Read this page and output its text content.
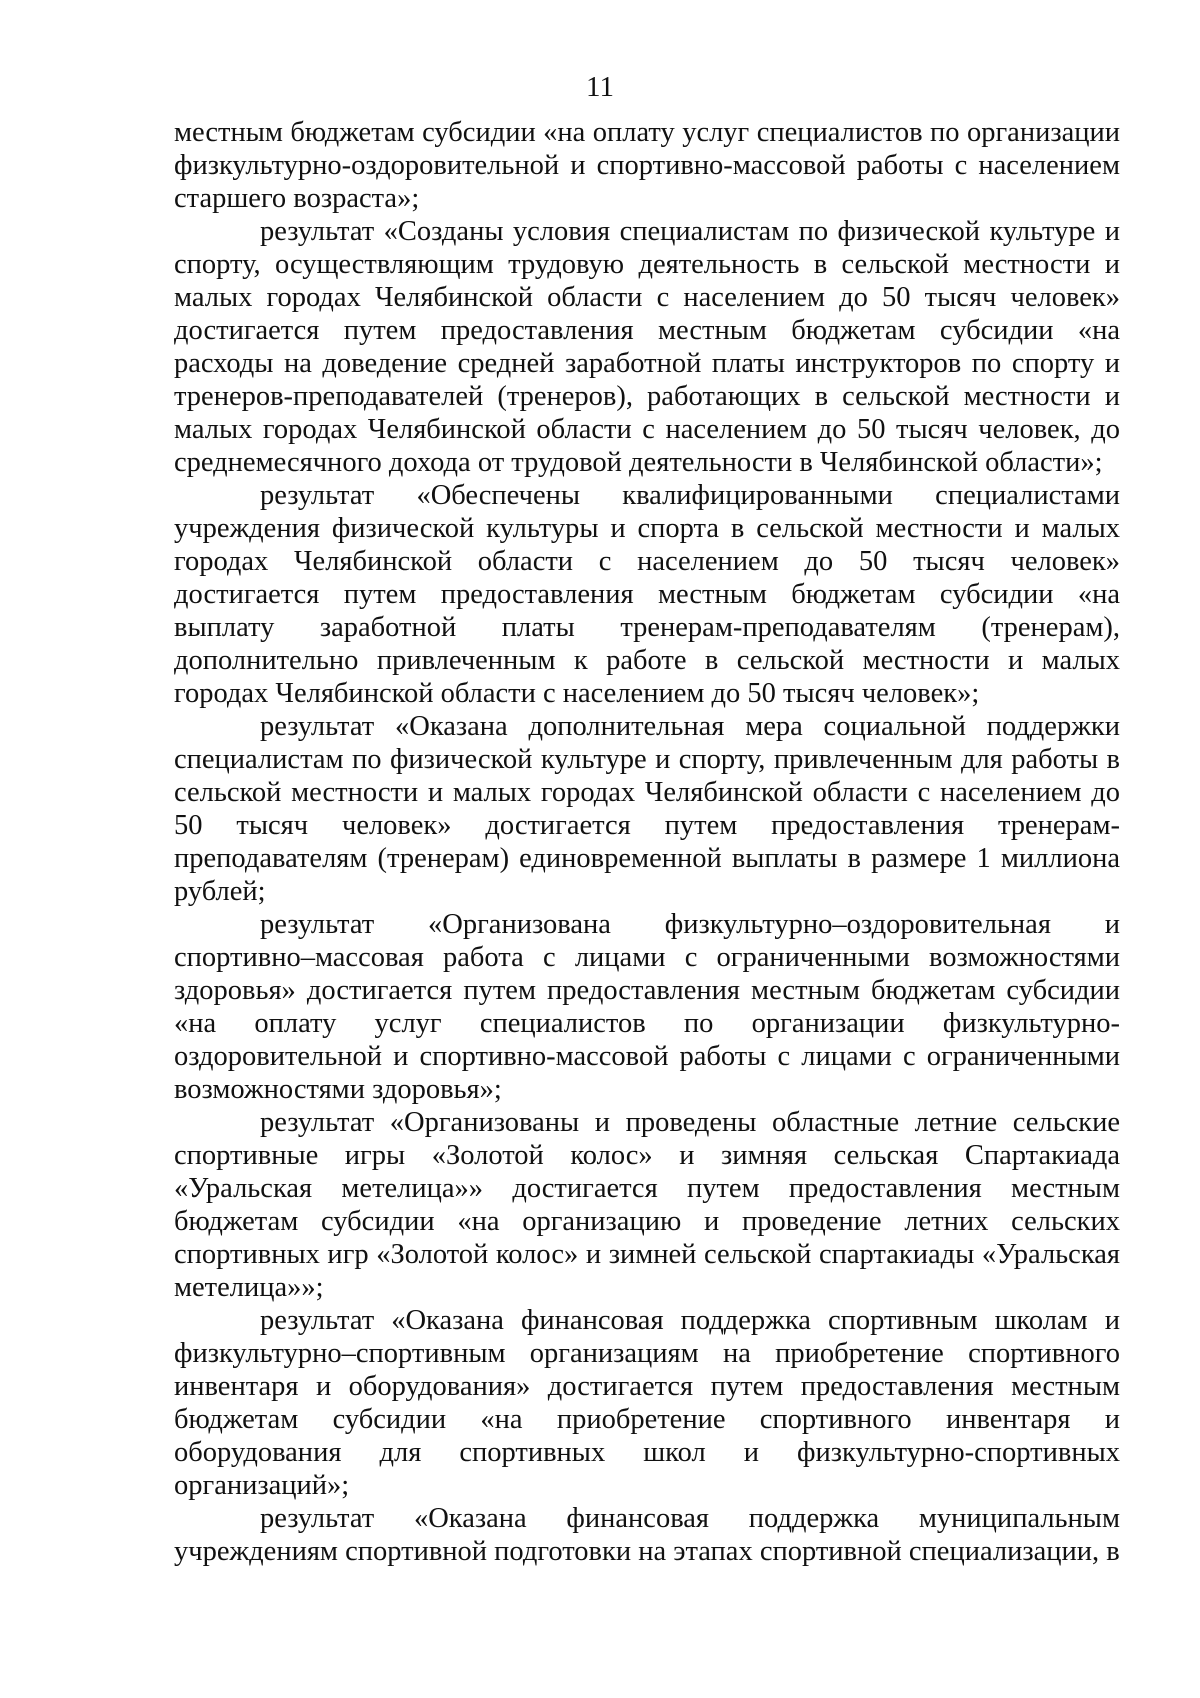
11

местным бюджетам субсидии «на оплату услуг специалистов по организации физкультурно-оздоровительной и спортивно-массовой работы с населением старшего возраста»;

результат «Созданы условия специалистам по физической культуре и спорту, осуществляющим трудовую деятельность в сельской местности и малых городах Челябинской области с населением до 50 тысяч человек» достигается путем предоставления местным бюджетам субсидии «на расходы на доведение средней заработной платы инструкторов по спорту и тренеров-преподавателей (тренеров), работающих в сельской местности и малых городах Челябинской области с населением до 50 тысяч человек, до среднемесячного дохода от трудовой деятельности в Челябинской области»;

результат «Обеспечены квалифицированными специалистами учреждения физической культуры и спорта в сельской местности и малых городах Челябинской области с населением до 50 тысяч человек» достигается путем предоставления местным бюджетам субсидии «на выплату заработной платы тренерам-преподавателям (тренерам), дополнительно привлеченным к работе в сельской местности и малых городах Челябинской области с населением до 50 тысяч человек»;

результат «Оказана дополнительная мера социальной поддержки специалистам по физической культуре и спорту, привлеченным для работы в сельской местности и малых городах Челябинской области с населением до 50 тысяч человек» достигается путем предоставления тренерам-преподавателям (тренерам) единовременной выплаты в размере 1 миллиона рублей;

результат «Организована физкультурно–оздоровительная и спортивно–массовая работа с лицами с ограниченными возможностями здоровья» достигается путем предоставления местным бюджетам субсидии «на оплату услуг специалистов по организации физкультурно-оздоровительной и спортивно-массовой работы с лицами с ограниченными возможностями здоровья»;

результат «Организованы и проведены областные летние сельские спортивные игры «Золотой колос» и зимняя сельская Спартакиада «Уральская метелица»» достигается путем предоставления местным бюджетам субсидии «на организацию и проведение летних сельских спортивных игр «Золотой колос» и зимней сельской спартакиады «Уральская метелица»»;

результат «Оказана финансовая поддержка спортивным школам и физкультурно–спортивным организациям на приобретение спортивного инвентаря и оборудования» достигается путем предоставления местным бюджетам субсидии «на приобретение спортивного инвентаря и оборудования для спортивных школ и физкультурно-спортивных организаций»;

результат «Оказана финансовая поддержка муниципальным учреждениям спортивной подготовки на этапах спортивной специализации, в
